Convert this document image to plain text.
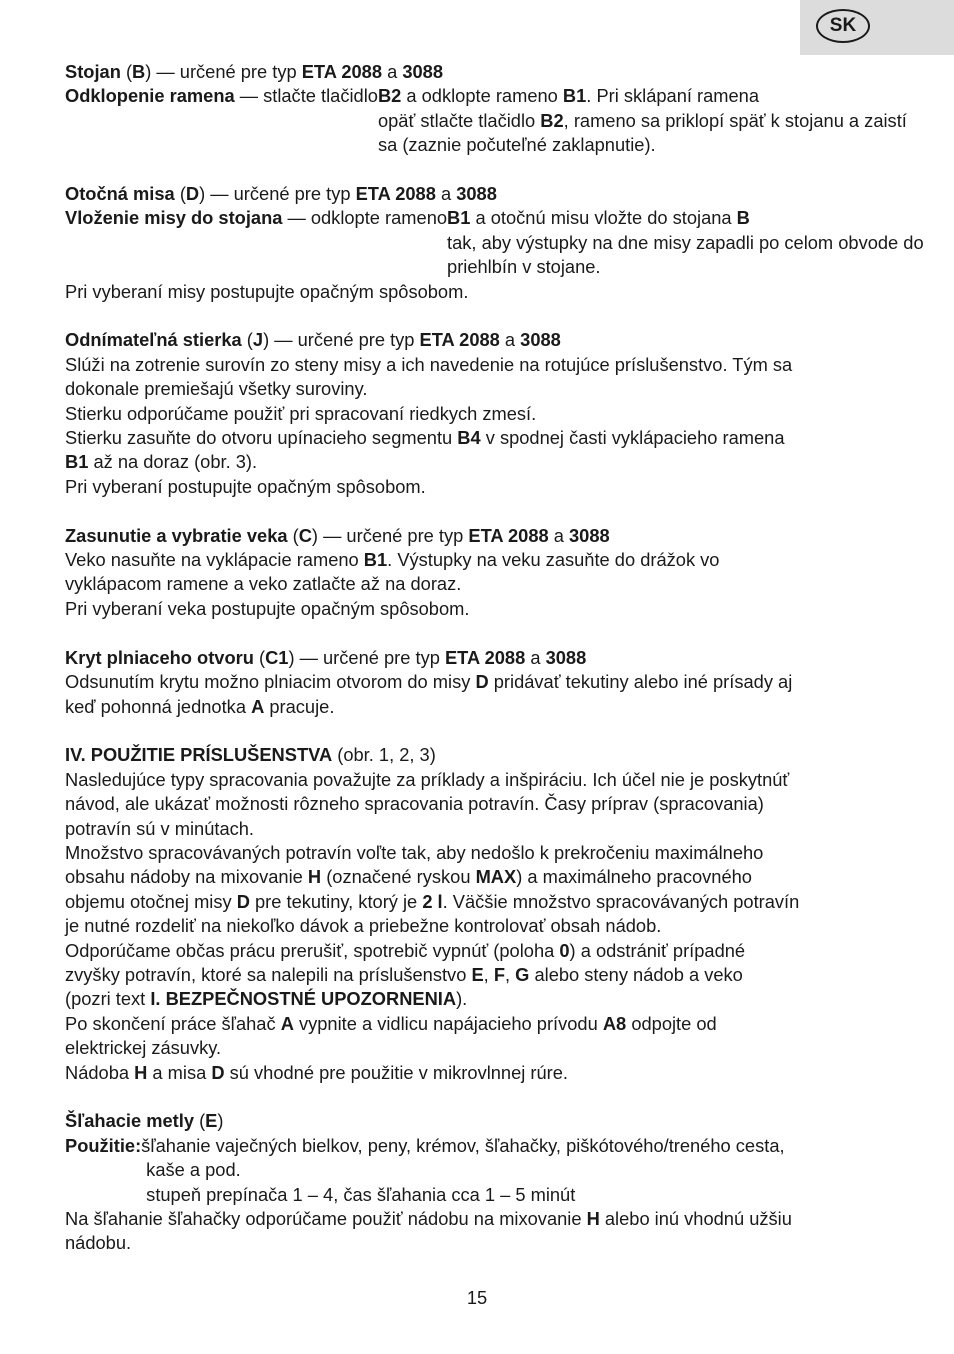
SK
Stojan (B) — určené pre typ ETA 2088 a 3088
Odklopenie ramena — stlačte tlačidlo B2 a odklopte rameno B1. Pri sklápaní ramena
opäť stlačte tlačidlo B2, rameno sa priklopí späť k stojanu a zaistí
sa (zaznie počuteľné zaklapnutie).
Otočná misa (D) — určené pre typ ETA 2088 a 3088
Vloženie misy do stojana — odklopte rameno B1 a otočnú misu vložte do stojana B
tak, aby výstupky na dne misy zapadli po celom obvode do
priehlbín v stojane.
Pri vyberaní misy postupujte opačným spôsobom.
Odnímateľná stierka (J) — určené pre typ ETA 2088 a 3088
Slúži na zotrenie surovín zo steny misy a ich navedenie na rotujúce príslušenstvo. Tým sa
dokonale premiešajú všetky suroviny.
Stierku odporúčame použiť pri spracovaní riedkych zmesí.
Stierku zasuňte do otvoru upínacieho segmentu B4 v spodnej časti vyklápacieho ramena
B1 až na doraz (obr. 3).
Pri vyberaní postupujte opačným spôsobom.
Zasunutie a vybratie veka (C) — určené pre typ ETA 2088 a 3088
Veko nasuňte na vyklápacie rameno B1. Výstupky na veku zasuňte do drážok vo
vyklápacom ramene a veko zatlačte až na doraz.
Pri vyberaní veka postupujte opačným spôsobom.
Kryt plniaceho otvoru (C1) — určené pre typ ETA 2088 a 3088
Odsunutím krytu možno plniacim otvorom do misy D pridávať tekutiny alebo iné prísady aj
keď pohonná jednotka A pracuje.
IV. POUŽITIE PRÍSLUŠENSTVA (obr. 1, 2, 3)
Nasledujúce typy spracovania považujte za príklady a inšpiráciu. Ich účel nie je poskytnúť
návod, ale ukázať možnosti rôzneho spracovania potravín. Časy príprav (spracovania)
potravín sú v minútach.
Množstvo spracovávaných potravín voľte tak, aby nedošlo k prekročeniu maximálneho
obsahu nádoby na mixovanie H (označené ryskou MAX) a maximálneho pracovného
objemu otočnej misy D pre tekutiny, ktorý je 2 l. Väčšie množstvo spracovávaných potravín
je nutné rozdeliť na niekoľko dávok a priebežne kontrolovať obsah nádob.
Odporúčame občas prácu prerušiť, spotrebič vypnúť (poloha 0) a odstrániť prípadné
zvyšky potravín, ktoré sa nalepili na príslušenstvo E, F, G alebo steny nádob a veko
(pozri text I. BEZPEČNOSTNÉ UPOZORNENIA).
Po skončení práce šľahač A vypnite a vidlicu napájacieho prívodu A8 odpojte od
elektrickej zásuvky.
Nádoba H a misa D sú vhodné pre použitie v mikrovlnnej rúre.
Šľahacie metly (E)
Použitie: šľahanie vaječných bielkov, peny, krémov, šľahačky, piškótového/treného cesta,
kaše a pod.
stupeň prepínača 1 – 4, čas šľahania cca 1 – 5 minút
Na šľahanie šľahačky odporúčame použiť nádobu na mixovanie H alebo inú vhodnú užšiu
nádobu.
15
